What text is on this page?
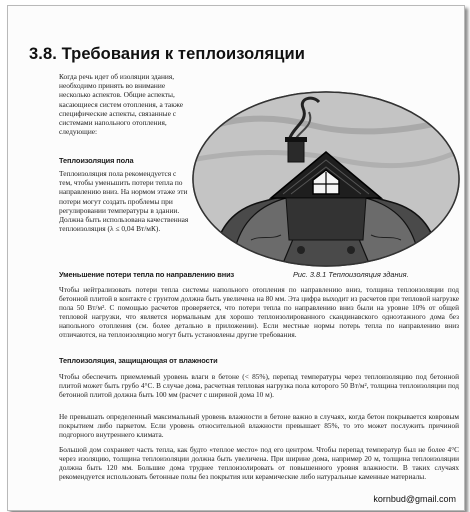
3.8. Требования к теплоизоляции

Когда речь идет об изоляции здания, необходимо принять во внимание несколько аспектов. Общие аспекты, касающиеся систем отопления, а также специфические аспекты, связанные с системами напольного отопления, следующие:

Теплоизоляция пола

Теплоизоляция пола рекомендуется с тем, чтобы уменьшить потери тепла по направлению вниз. На нормом этаже эти потери могут создать проблемы при регулировании температуры в здании. Должна быть использована качественная теплоизоляция (λ ≤ 0,04 Вт/мК).

Рис. 3.8.1 Теплоизоляция здания.

Уменьшение потери тепла по направлению вниз

Чтобы нейтрализовать потери тепла системы напольного отопления по направлению вниз, толщина теплоизоляции под бетонной плитой в контакте с грунтом должна быть увеличена на 80 мм. Эта цифра выходит из расчетов при тепловой нагрузке пола 50 Вт/м². С помощью расчетов проверяется, что потери тепла по направлению вниз были на уровне 10% от общей тепловой нагрузки, что является нормальным для хорошо теплоизолированного скандинавского одноэтажного дома без напольного отопления (см. более детально в приложении). Если местные нормы потерь тепла по направлению вниз отличаются, на теплоизоляцию могут быть установлены другие требования.

Теплоизоляция, защищающая от влажности

Чтобы обеспечить приемлемый уровень влаги в бетоне (< 85%), перепад температуры через теплоизоляцию под бетонной плитой может быть грубо 4°C. В случае дома, расчетная тепловая нагрузка пола которого 50 Вт/м², толщина теплоизоляции под бетонной плитой должна быть 100 мм (расчет с шириной дома 10 м).

Не превышать определенный максимальный уровень влажности в бетоне важно в случаях, когда бетон покрывается ковровым покрытием либо паркетом. Если уровень относительной влажности превышает 85%, то это может послужить причиной подгорного внутреннего климата.

Большой дом сохраняет часть тепла, как будто «теплое место» под его центром. Чтобы перепад температур был не более 4°C через изоляцию, толщина теплоизоляции должна быть увеличена. При ширине дома, например 20 м, толщина теплоизоляции должна быть 120 мм. Большие дома труднее теплоизолировать от повышенного уровня влажности. В таких случаях рекомендуется использовать бетонные полы без покрытия или керамические либо натуральные каменные материалы.

kornbud@gmail.com
